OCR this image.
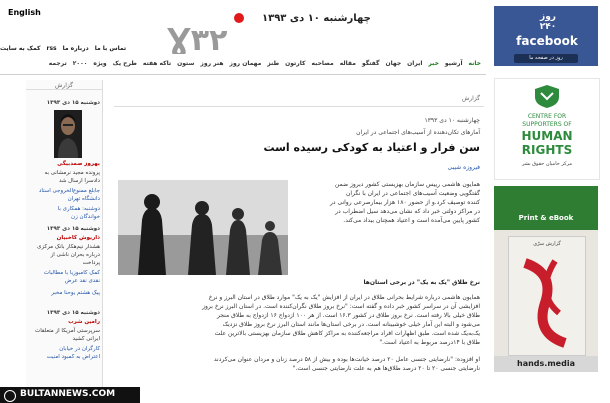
English
Ɣ٣٢
چهارشنبه ۱۰ دی ۱۳۹۳
تماس با ما
درباره ما
rss
کمک به سایت
خانه
آرشیو
خبر
ایران
جهان
گفتگو
مقاله
مصاحبه
کارتون
طنز
مهمان روز
هنر روز
ستون
تاکه هفته
طرح یک
ویژه
۲۰۰۰
ترجمه
گزارش
دوشنبه ۱۵ دی ۱۳۹۳
بهروز صمدبیگی
پرونده مجید نرمشانی به
دادسرا ارسال شد
جابلغ ممنوع‌الخروجی استاد
دانشگاه تهران
دوشنبه: همکاری با
خواندگان زن
دوشنبه ۱۵ دی ۱۳۹۳
داریوش کاخبیان
هشدار نیم‌هکار بانک مرکزی
درباره بحران ناشی از
پرداخت
کمک کامبوزیا با مطالبات
نقدی نقد عرض
پیک هشتم یوحنا مخبر
دوشنبه ۱۵ دی ۱۳۹۳
رامین شرب
سرپرستی آمریکا از متعلقات
ایرانی کشید
کارگران در خیابان
اعتراض به کمبود امنیت
گزارش
چهارشنبه ۱۰ دی ۱۳۹۳
آمارهای تکان‌دهنده از آسیب‌های اجتماعی در ایران
سن فرار و اعتیاد به کودکی رسیده است
فیروزه شیبی
همایون هاشمی رییس سازمان بهزیستی کشور دیروز ضمن
گفتگویی وضعیت آسیب‌های اجتماعی در ایران با نگران
کننده توصیف کرد.و از حضور ۱۸۰ هزار بیمارصرعی روانی در
در مراکز دولتی خبر داد که نشان می‌دهد سیل اضطراب در
کشور پایین‌ می‌آمده است و اعتیاد همچنان بیداد می‌کند.
نرخ طلاق "یک به یک" در برخی استان‌ها
همایون هاشمی درباره شرایط بحرانی طلاق در ایران از افزایش "یک به یک" موارد طلاق در استان البرز و نرخ
افزایشی آن در سراسر کشور خبر داده و گفته است: "نرخ بروز طلاق نگران‌کننده است. در استان البرز نرخ بروز
طلاق خیلی بالا رفته است. نرخ بروز طلاق در کشور ۱۶.۳ است. از هر ۱۰۰ ازدواج ۱۶ ازدواج به طلاق منجر
می‌شود و البته این آمار خیلی خوشبینانه است. در برخی استان‌ها مانند استان البرز نرخ بروز طلاق نزدیک
یک‌به‌یک شده است. طبق اظهارات افراد مراجعه‌کننده به مراکز کاهش طلاق سازمان بهزیستی بالاترین علت
طلاق با ۱۴درصد مربوط به اعتیاد است."
او افزوده: "نارضایتی جنسی عامل ۲۰ درصد خیانت‌ها بوده و بیش از ۵۸ درصد زنان و مردان عنوان می‌کردند
نارضایتی جنسی ۲۰ تا ۲۰ درصد طلاق‌ها هم به علت نارضایتی جنسی است."
روز ۲۴۰
facebook
روز در صفحه ما
CENTRE FOR
SUPPORTERS OF
HUMAN
RIGHTS
مرکز حامیان حقوق بشر
Print & eBook
گزارش سرّی
hands.media
BULTANNEWS.COM
